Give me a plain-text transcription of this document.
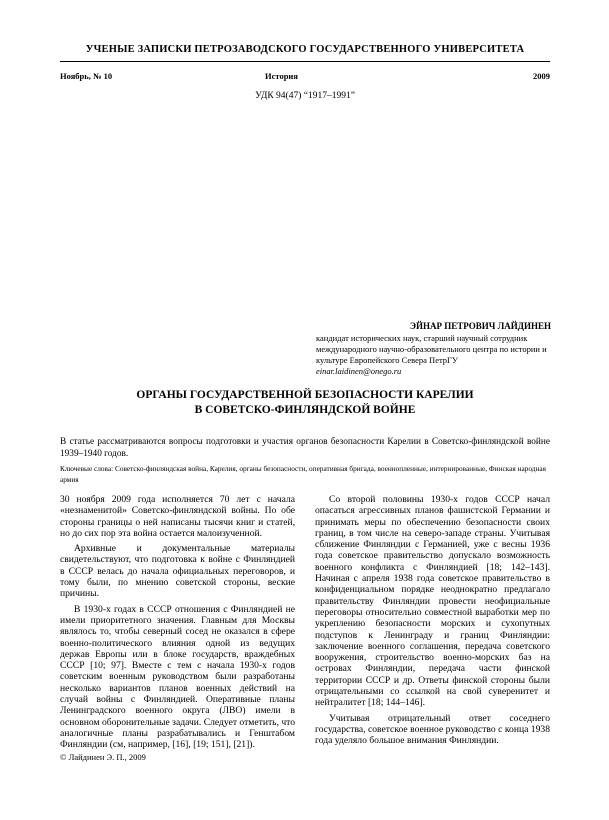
УЧЕНЫЕ ЗАПИСКИ ПЕТРОЗАВОДСКОГО ГОСУДАРСТВЕННОГО УНИВЕРСИТЕТА
Ноябрь, № 10	История	2009
УДК 94(47) “1917–1991”
ЭЙНАР ПЕТРОВИЧ ЛАЙДИНЕН
кандидат исторических наук, старший научный сотрудник международного научно-образовательного центра по истории и культуре Европейского Севера ПетрГУ
einar.laidinen@onego.ru
ОРГАНЫ ГОСУДАРСТВЕННОЙ БЕЗОПАСНОСТИ КАРЕЛИИ
В СОВЕТСКО-ФИНЛЯНДСКОЙ ВОЙНЕ
В статье рассматриваются вопросы подготовки и участия органов безопасности Карелии в Советско-финляндской войне 1939–1940 годов.
Ключевые слова: Советско-финляндская война, Карелия, органы безопасности, оперативная бригада, военнопленные, интернированные, Финская народная армия

30 ноября 2009 года исполняется 70 лет с начала «незнаменитой» Советско-финляндской войны. По обе стороны границы о ней написаны тысячи книг и статей, но до сих пор эта война остается малоизученной.

Архивные и документальные материалы свидетельствуют, что подготовка к войне с Финляндией в СССР велась до начала официальных переговоров, и тому были, по мнению советской стороны, веские причины.

В 1930-х годах в СССР отношения с Финляндией не имели приоритетного значения. Главным для Москвы являлось то, чтобы северный сосед не оказался в сфере военно-политического влияния одной из ведущих держав Европы или в блоке государств, враждебных СССР [10; 97]. Вместе с тем с начала 1930-х годов советским военным руководством были разработаны несколько вариантов планов военных действий на случай войны с Финляндией. Оперативные планы Ленинградского военного округа (ЛВО) имели в основном оборонительные задачи. Следует отметить, что аналогичные планы разрабатывались и Генштабом Финляндии (см, например, [16], [19; 151], [21]).

Со второй половины 1930-х годов СССР начал опасаться агрессивных планов фашистской Германии и принимать меры по обеспечению безопасности своих границ, в том числе на северо-западе страны. Учитывая сближение Финляндии с Германией, уже с весны 1936 года советское правительство допускало возможность военного конфликта с Финляндией [18; 142–143]. Начиная с апреля 1938 года советское правительство в конфиденциальном порядке неоднократно предлагало правительству Финляндии провести неофициальные переговоры относительно совместной выработки мер по укреплению безопасности морских и сухопутных подступов к Ленинграду и границ Финляндии: заключение военного соглашения, передача советского вооружения, строительство военно-морских баз на островах Финляндии, передача части финской территории СССР и др. Ответы финской стороны были отрицательными со ссылкой на свой суверенитет и нейтралитет [18; 144–146].

Учитывая отрицательный ответ соседнего государства, советское военное руководство с конца 1938 года уделяло большое внимания Финляндии.

© Лайдинен Э. П., 2009
